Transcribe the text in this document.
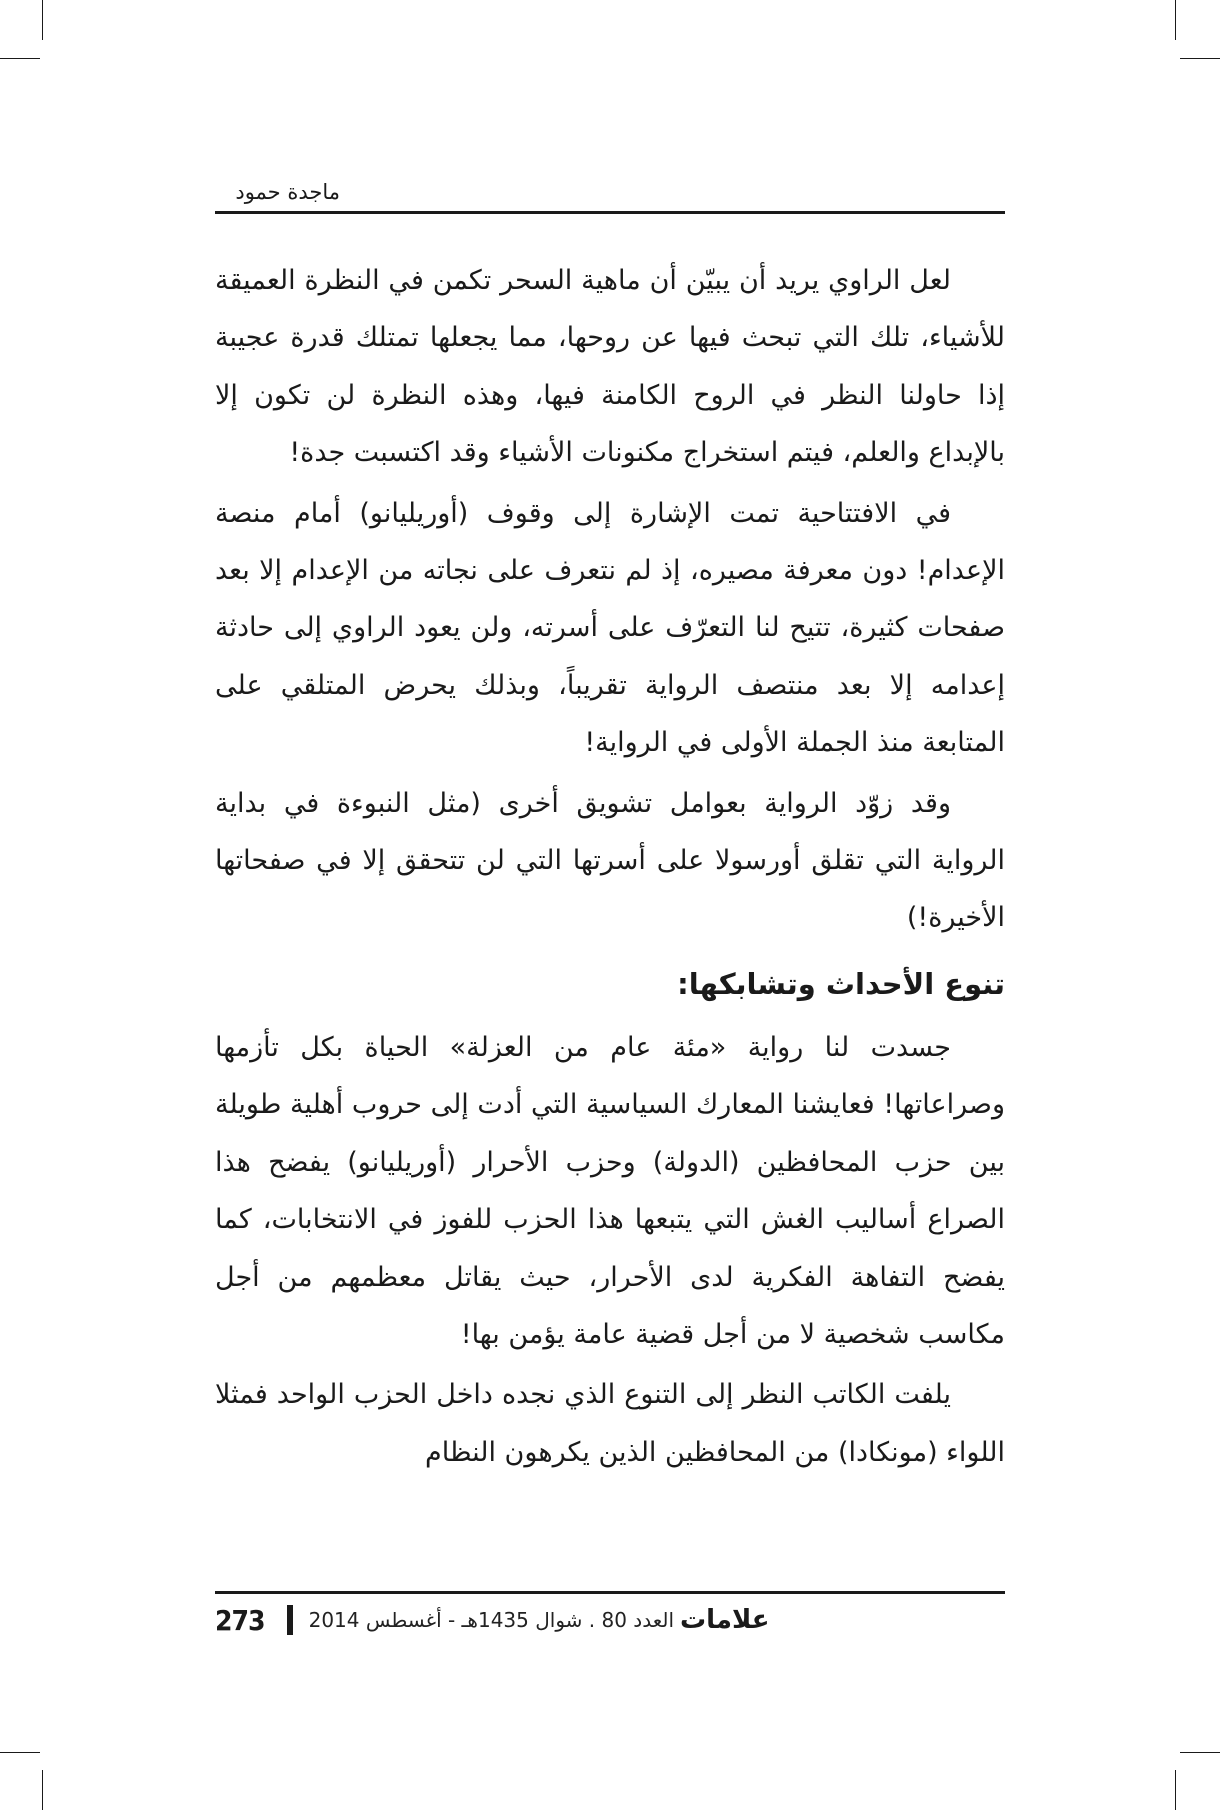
ماجدة حمود

لعل الراوي يريد أن يبيّن أن ماهية السحر تكمن في النظرة العميقة للأشياء، تلك التي تبحث فيها عن روحها، مما يجعلها تمتلك قدرة عجيبة إذا حاولنا النظر في الروح الكامنة فيها، وهذه النظرة لن تكون إلا بالإبداع والعلم، فيتم استخراج مكنونات الأشياء وقد اكتسبت جدة!

في الافتتاحية تمت الإشارة إلى وقوف (أوريليانو) أمام منصة الإعدام! دون معرفة مصيره، إذ لم نتعرف على نجاته من الإعدام إلا بعد صفحات كثيرة، تتيح لنا التعرّف على أسرته، ولن يعود الراوي إلى حادثة إعدامه إلا بعد منتصف الرواية تقريباً، وبذلك يحرض المتلقي على المتابعة منذ الجملة الأولى في الرواية!

وقد زوّد الرواية بعوامل تشويق أخرى (مثل النبوءة في بداية الرواية التي تقلق أورسولا على أسرتها التي لن تتحقق إلا في صفحاتها الأخيرة!)

تنوع الأحداث وتشابكها:

جسدت لنا رواية «مئة عام من العزلة» الحياة بكل تأزمها وصراعاتها! فعايشنا المعارك السياسية التي أدت إلى حروب أهلية طويلة بين حزب المحافظين (الدولة) وحزب الأحرار (أوريليانو) يفضح هذا الصراع أساليب الغش التي يتبعها هذا الحزب للفوز في الانتخابات، كما يفضح التفاهة الفكرية لدى الأحرار، حيث يقاتل معظمهم من أجل مكاسب شخصية لا من أجل قضية عامة يؤمن بها!

يلفت الكاتب النظر إلى التنوع الذي نجده داخل الحزب الواحد فمثلا اللواء (مونكادا) من المحافظين الذين يكرهون النظام

273 العدد 80 . شوال 1435هـ - أغسطس 2014 علامات
